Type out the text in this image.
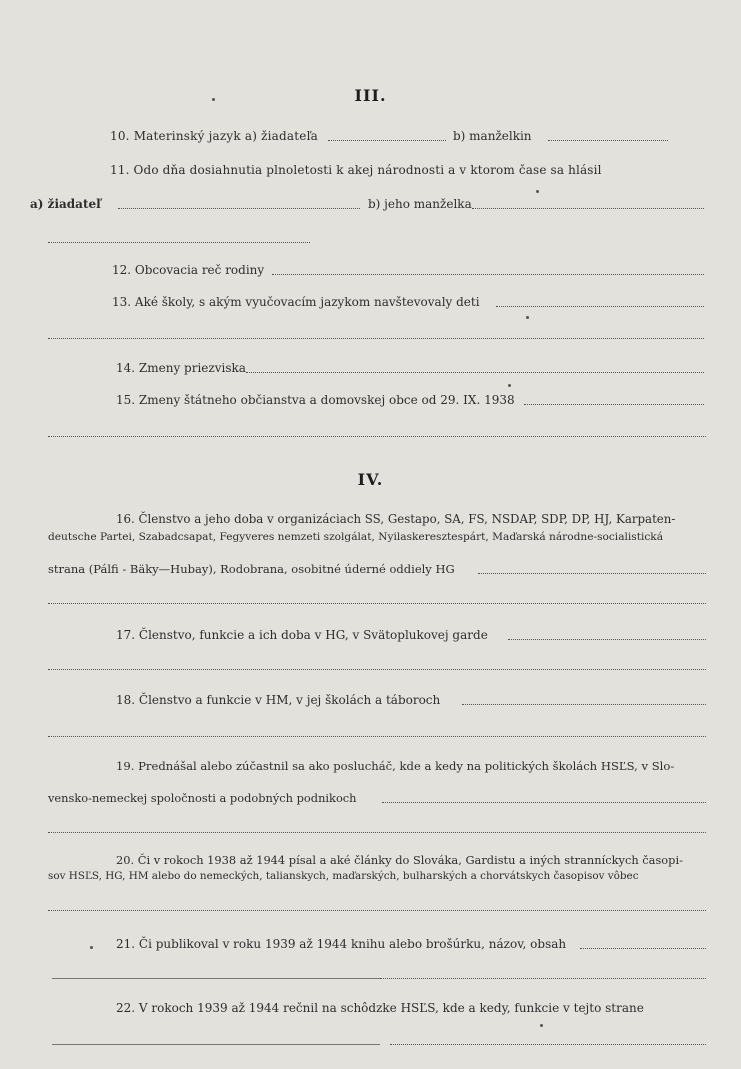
III.
10. Materinský jazyk a) žiadateľa	b) manželkin
11. Odo dňa dosiahnutia plnoletosti k akej národnosti a v ktorom čase sa hlásil
a) žiadateľ	b) jeho manželka
12. Obcovacia reč rodiny
13. Aké školy, s akým vyučovacím jazykom navštevovaly deti
14. Zmeny priezviska
15. Zmeny štátneho občianstva a domovskej obce od 29. IX. 1938
IV.
16. Členstvo a jeho doba v organizáciach SS, Gestapo, SA, FS, NSDAP, SDP, DP, HJ, Karpaten-
deutsche Partei, Szabadcsapat, Fegyveres nemzeti szolgálat, Nyilaskeresztespárt, Maďarská národne-socialistická
strana (Pálfi - Bäky—Hubay), Rodobrana, osobitné úderné oddiely HG
17. Členstvo, funkcie a ich doba v HG, v Svätoplukovej garde
18. Členstvo a funkcie v HM, v jej školách a táboroch
19. Prednášal alebo zúčastnil sa ako poslucháč, kde a kedy na politických školách HSĽS, v Slo-
vensko-nemeckej spoločnosti a podobných podnikoch
20. Či v rokoch 1938 až 1944 písal a aké články do Slováka, Gardistu a iných stranníckych časopi-
sov HSĽS, HG, HM alebo do nemeckých, talianskych, maďarských, bulharských a chorvátskych časopisov vôbec
21. Či publikoval v roku 1939 až 1944 knihu alebo brošúrku, názov, obsah
22. V rokoch 1939 až 1944 rečnil na schôdzke HSĽS, kde a kedy, funkcie v tejto strane
